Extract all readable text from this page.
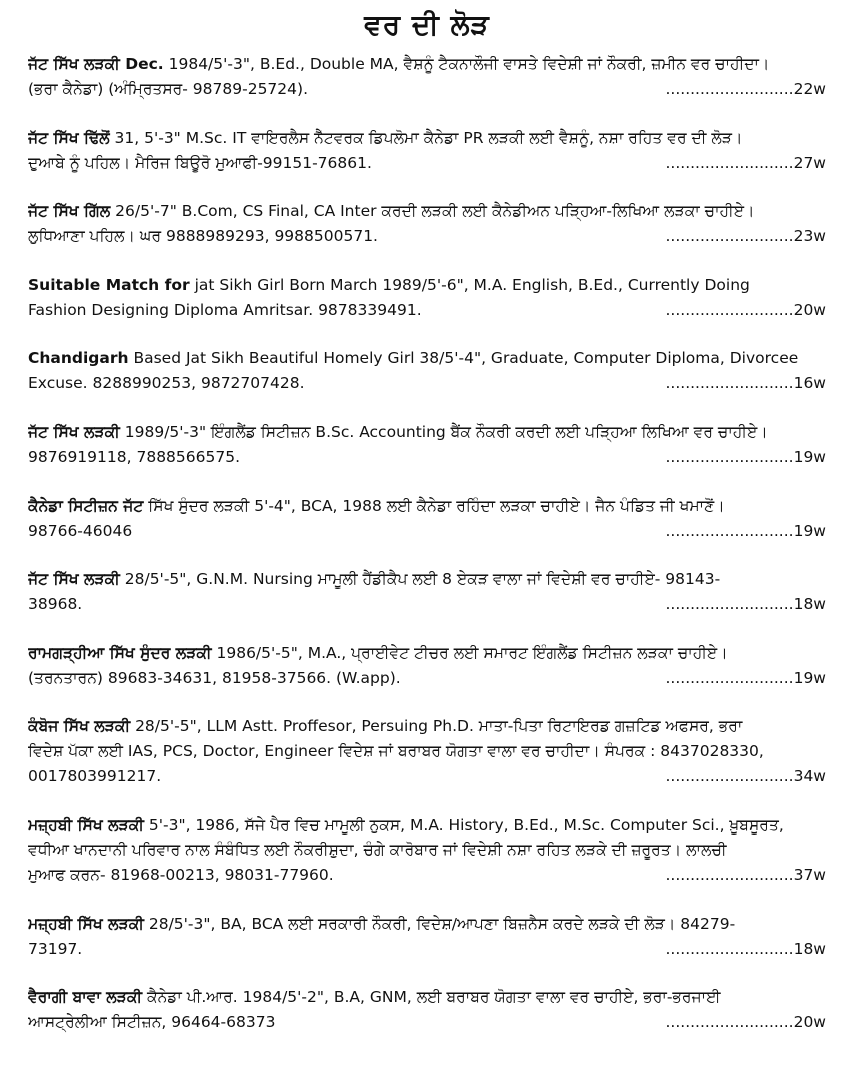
ਵਰ ਦੀ ਲੋੜ
ਜੱਟ ਸਿੱਖ ਲੜਕੀ Dec. 1984/5'-3", B.Ed., Double MA, ਵੈਸ਼ਨੂੰ ਟੈਕਨਾਲੌਜੀ ਵਾਸਤੇ ਵਿਦੇਸ਼ੀ ਜਾਂ ਨੌਕਰੀ, ਜ਼ਮੀਨ ਵਰ ਚਾਹੀਦਾ।
(ਭਰਾ ਕੈਨੇਡਾ) (ਅੰਮ੍ਰਿਤਸਰ- 98789-25724).	..........................22w
ਜੱਟ ਸਿੱਖ ਢਿੱਲੋਂ 31, 5'-3" M.Sc. IT ਵਾਇਰਲੈਸ ਨੈੱਟਵਰਕ ਡਿਪਲੋਮਾ ਕੈਨੇਡਾ PR ਲੜਕੀ ਲਈ ਵੈਸ਼ਨੂੰ, ਨਸ਼ਾ ਰਹਿਤ ਵਰ ਦੀ ਲੋੜ।
ਦੁਆਬੇ ਨੂੰ ਪਹਿਲ। ਮੈਰਿਜ ਬਿਊਰੋ ਮੁਆਫੀ-99151-76861.	..........................27w
ਜੱਟ ਸਿੱਖ ਗਿੱਲ 26/5'-7" B.Com, CS Final, CA Inter ਕਰਦੀ ਲੜਕੀ ਲਈ ਕੈਨੇਡੀਅਨ ਪੜ੍ਹਿਆ-ਲਿਖਿਆ ਲੜਕਾ ਚਾਹੀਏ।
ਲੁਧਿਆਣਾ ਪਹਿਲ। ਘਰ 9888989293, 9988500571.	..........................23w
Suitable Match for jat Sikh Girl Born March 1989/5'-6", M.A. English, B.Ed., Currently Doing
Fashion Designing Diploma Amritsar. 9878339491.	..........................20w
Chandigarh Based Jat Sikh Beautiful Homely Girl 38/5'-4", Graduate, Computer Diploma, Divorcee
Excuse. 8288990253, 9872707428.	..........................16w
ਜੱਟ ਸਿੱਖ ਲੜਕੀ 1989/5'-3" ਇੰਗਲੈਂਡ ਸਿਟੀਜ਼ਨ B.Sc. Accounting ਬੈਂਕ ਨੌਕਰੀ ਕਰਦੀ ਲਈ ਪੜ੍ਹਿਆ ਲਿਖਿਆ ਵਰ ਚਾਹੀਏ।
9876919118, 7888566575.	..........................19w
ਕੈਨੇਡਾ ਸਿਟੀਜ਼ਨ ਜੱਟ ਸਿੱਖ ਸੁੰਦਰ ਲੜਕੀ 5'-4", BCA, 1988 ਲਈ ਕੈਨੇਡਾ ਰਹਿੰਦਾ ਲੜਕਾ ਚਾਹੀਏ। ਜੈਨ ਪੰਡਿਤ ਜੀ ਖਮਾਣੋਂ।
98766-46046	..........................19w
ਜੱਟ ਸਿੱਖ ਲੜਕੀ 28/5'-5", G.N.M. Nursing ਮਾਮੂਲੀ ਹੈਂਡੀਕੈਪ ਲਈ 8 ਏਕੜ ਵਾਲਾ ਜਾਂ ਵਿਦੇਸ਼ੀ ਵਰ ਚਾਹੀਏ- 98143-
38968.	..........................18w
ਰਾਮਗੜ੍ਹੀਆ ਸਿੱਖ ਸੁੰਦਰ ਲੜਕੀ 1986/5'-5", M.A., ਪ੍ਰਾਈਵੇਟ ਟੀਚਰ ਲਈ ਸਮਾਰਟ ਇੰਗਲੈਂਡ ਸਿਟੀਜ਼ਨ ਲੜਕਾ ਚਾਹੀਏ।
(ਤਰਨਤਾਰਨ) 89683-34631, 81958-37566. (W.app).	..........................19w
ਕੰਬੋਜ ਸਿੱਖ ਲੜਕੀ 28/5'-5", LLM Astt. Proffesor, Persuing Ph.D. ਮਾਤਾ-ਪਿਤਾ ਰਿਟਾਇਰਡ ਗਜ਼ਟਿਡ ਅਫਸਰ, ਭਰਾ
ਵਿਦੇਸ਼ ਪੱਕਾ ਲਈ IAS, PCS, Doctor, Engineer ਵਿਦੇਸ਼ ਜਾਂ ਬਰਾਬਰ ਯੋਗਤਾ ਵਾਲਾ ਵਰ ਚਾਹੀਦਾ। ਸੰਪਰਕ : 8437028330,
0017803991217.	..........................34w
ਮਜ਼੍ਹਬੀ ਸਿੱਖ ਲੜਕੀ 5'-3", 1986, ਸੱਜੇ ਪੈਰ ਵਿਚ ਮਾਮੂਲੀ ਨੁਕਸ, M.A. History, B.Ed., M.Sc. Computer Sci., ਖ਼ੂਬਸੂਰਤ,
ਵਧੀਆ ਖਾਨਦਾਨੀ ਪਰਿਵਾਰ ਨਾਲ ਸੰਬੰਧਿਤ ਲਈ ਨੌਕਰੀਸ਼ੁਦਾ, ਚੰਗੇ ਕਾਰੋਬਾਰ ਜਾਂ ਵਿਦੇਸ਼ੀ ਨਸ਼ਾ ਰਹਿਤ ਲੜਕੇ ਦੀ ਜ਼ਰੂਰਤ। ਲਾਲਚੀ
ਮੁਆਫ ਕਰਨ- 81968-00213, 98031-77960.	..........................37w
ਮਜ਼੍ਹਬੀ ਸਿੱਖ ਲੜਕੀ 28/5'-3", BA, BCA ਲਈ ਸਰਕਾਰੀ ਨੌਕਰੀ, ਵਿਦੇਸ਼/ਆਪਣਾ ਬਿਜ਼ਨੈਸ ਕਰਦੇ ਲੜਕੇ ਦੀ ਲੋੜ। 84279-
73197.	..........................18w
ਵੈਰਾਗੀ ਬਾਵਾ ਲੜਕੀ ਕੈਨੇਡਾ ਪੀ.ਆਰ. 1984/5'-2", B.A, GNM, ਲਈ ਬਰਾਬਰ ਯੋਗਤਾ ਵਾਲਾ ਵਰ ਚਾਹੀਏ, ਭਰਾ-ਭਰਜਾਈ
ਆਸਟ੍ਰੇਲੀਆ ਸਿਟੀਜ਼ਨ, 96464-68373	..........................20w
